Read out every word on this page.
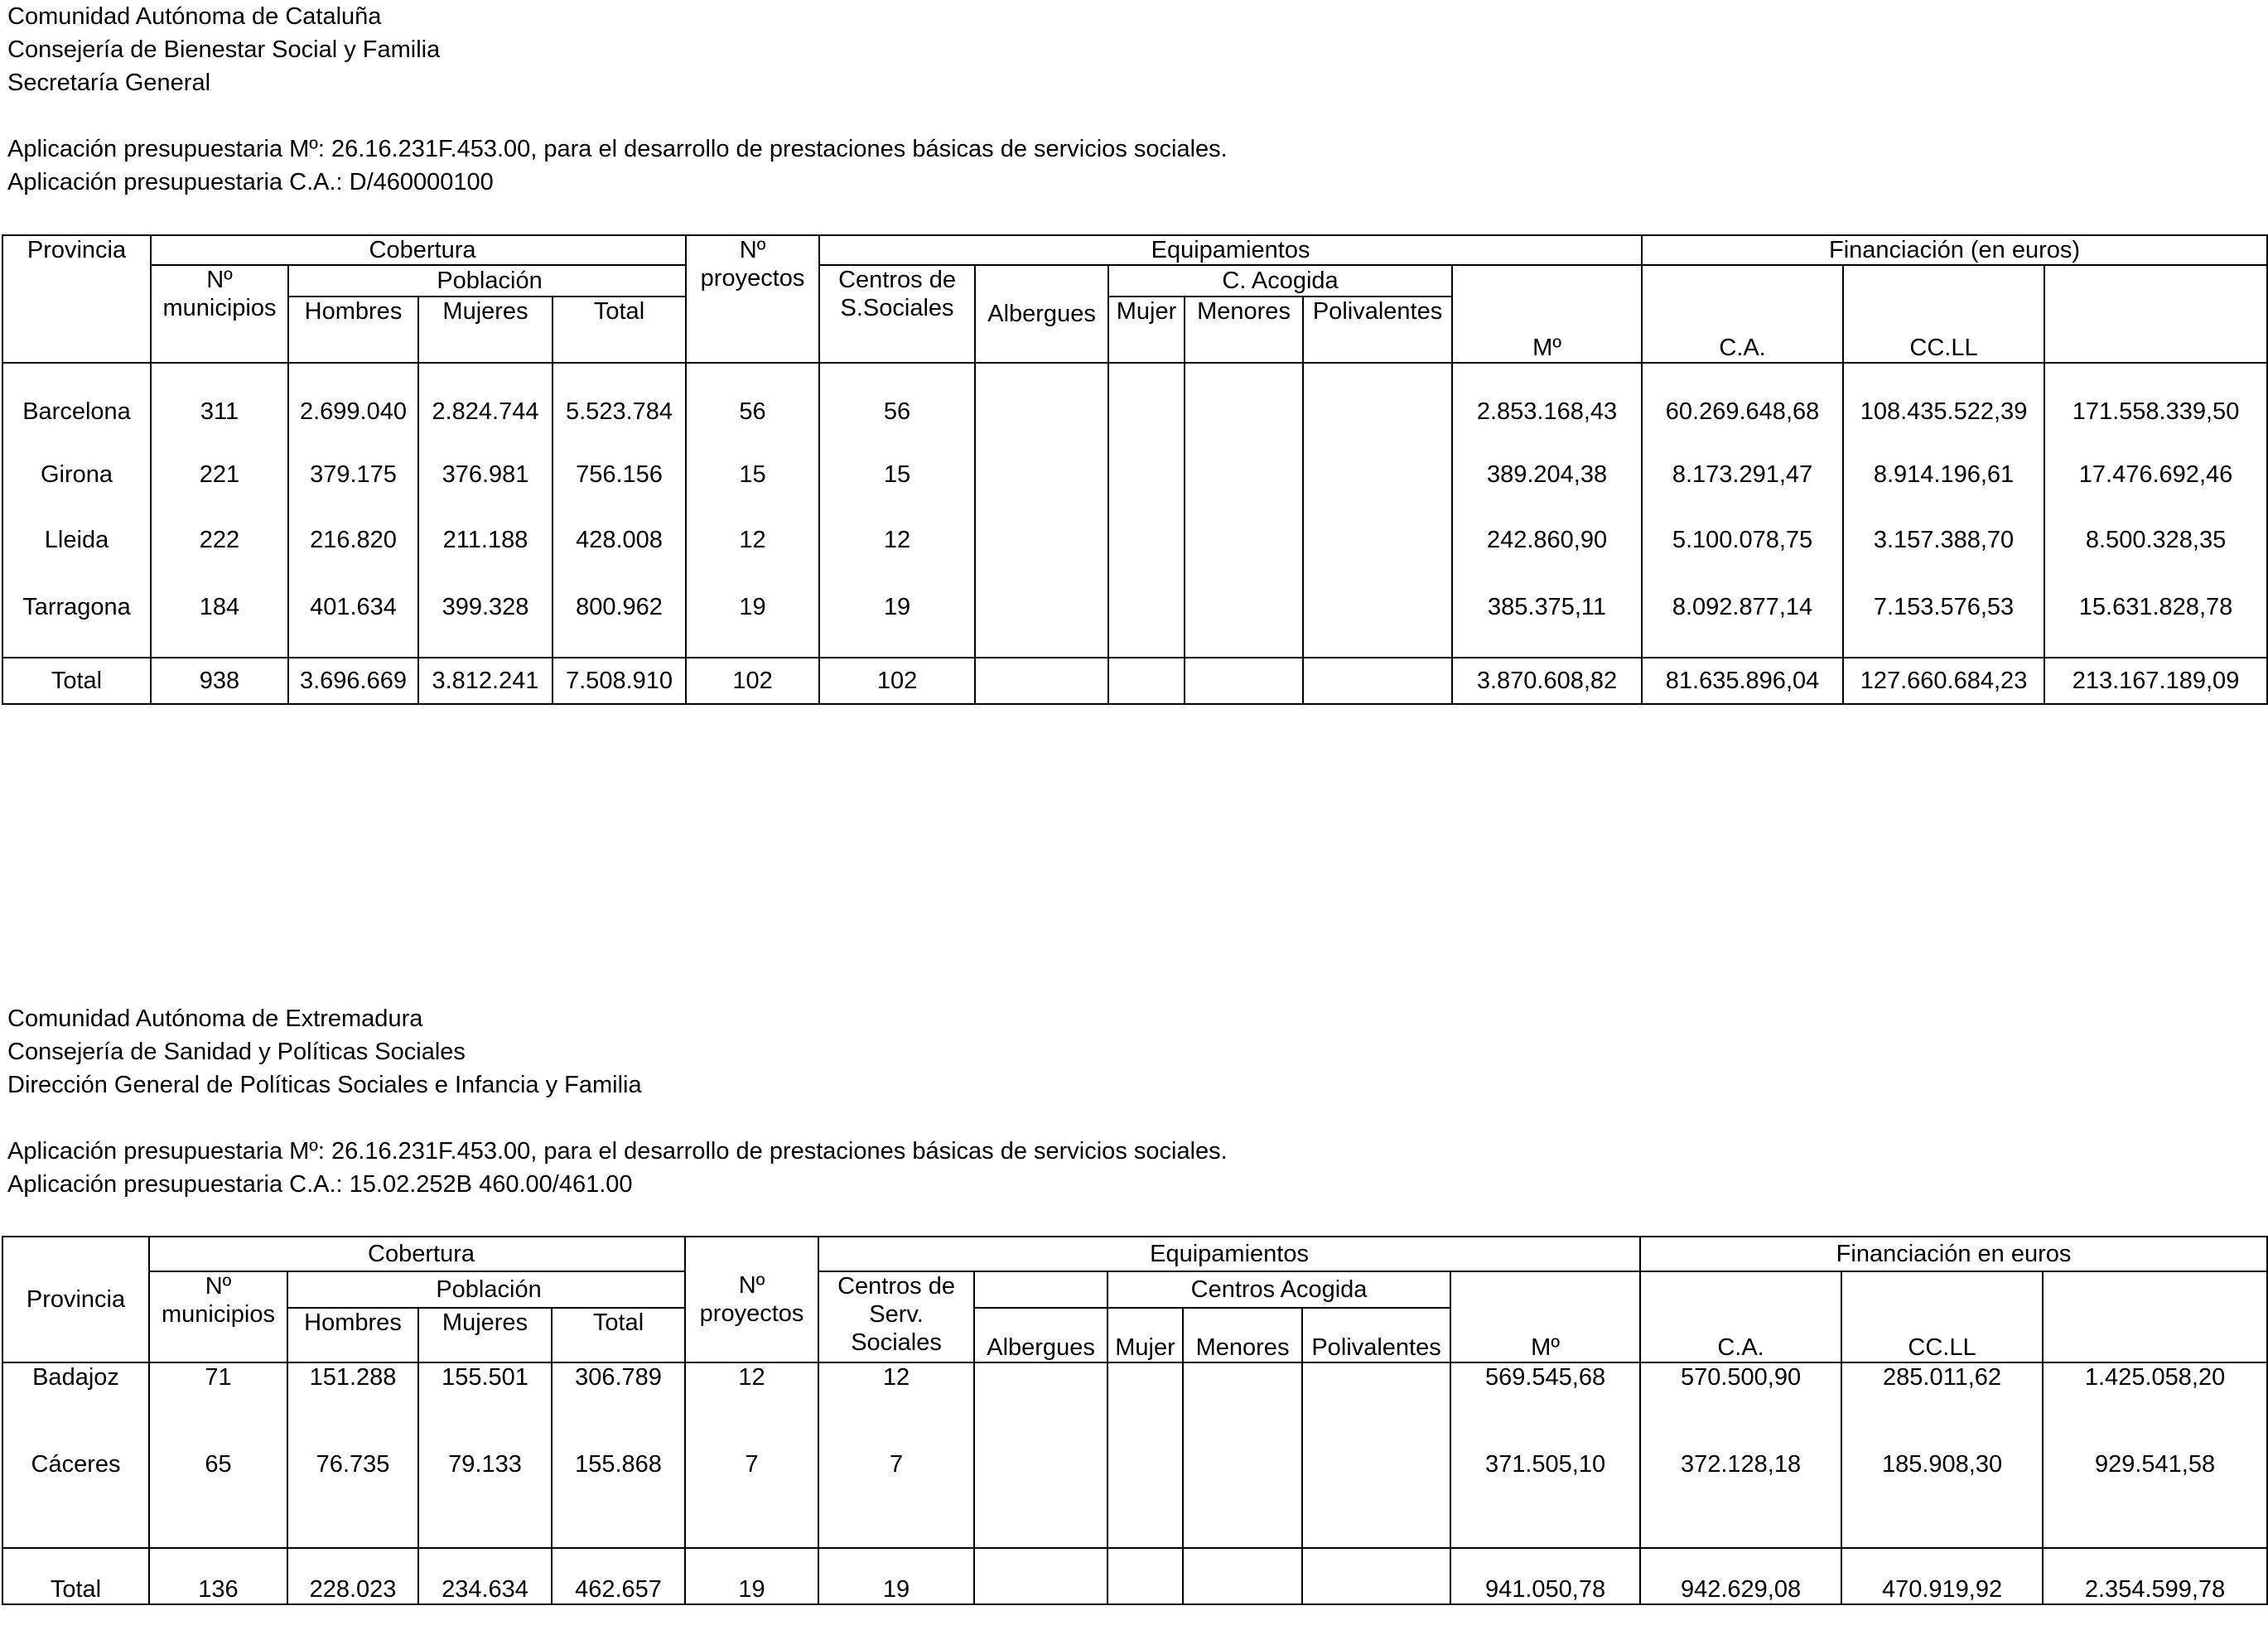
Comunidad Autónoma de Cataluña
Consejería de Bienestar Social y Familia
Secretaría General
Aplicación presupuestaria Mº: 26.16.231F.453.00, para el desarrollo de prestaciones básicas de servicios sociales.
Aplicación presupuestaria C.A.: D/460000100
Provincia	Cobertura				Nº proyectos	Equipamientos						Financiación (en euros)	
	Nº municipios	Población				Centros de S.Sociales	Albergues	C. Acogida			Mº	C.A.	CC.LL		
		Hombres	Mujeres	Total				Mujer	Menores	Polivalentes					

Barcelona	311	2.699.040	2.824.744	5.523.784	56	56					2.853.168,43	60.269.648,68	108.435.522,39	171.558.339,50	
Girona	221	379.175	376.981	756.156	15	15					389.204,38	8.173.291,47	8.914.196,61	17.476.692,46	
Lleida	222	216.820	211.188	428.008	12	12					242.860,90	5.100.078,75	3.157.388,70	8.500.328,35	
Tarragona	184	401.634	399.328	800.962	19	19					385.375,11	8.092.877,14	7.153.576,53	15.631.828,78	

Total	938	3.696.669	3.812.241	7.508.910	102	102					3.870.608,82	81.635.896,04	127.660.684,23	213.167.189,09	
Comunidad Autónoma de Extremadura
Consejería de Sanidad y Políticas Sociales
Dirección General de Políticas Sociales e Infancia y Familia
Aplicación presupuestaria Mº: 26.16.231F.453.00, para el desarrollo de prestaciones básicas de servicios sociales.
Aplicación presupuestaria C.A.: 15.02.252B 460.00/461.00
Provincia	Cobertura				Nº proyectos	Equipamientos						Financiación en euros	
	Nº municipios	Población				Centros de Serv. Sociales		Centros Acogida			Mº	C.A.	CC.LL		
		Hombres	Mujeres	Total			Albergues	Mujer	Menores	Polivalentes					
Badajoz	71	151.288	155.501	306.789	12	12					569.545,68	570.500,90	285.011,62	1.425.058,20	

Cáceres	65	76.735	79.133	155.868	7	7					371.505,10	372.128,18	185.908,30	929.541,58	

Total	136	228.023	234.634	462.657	19	19					941.050,78	942.629,08	470.919,92	2.354.599,78	
